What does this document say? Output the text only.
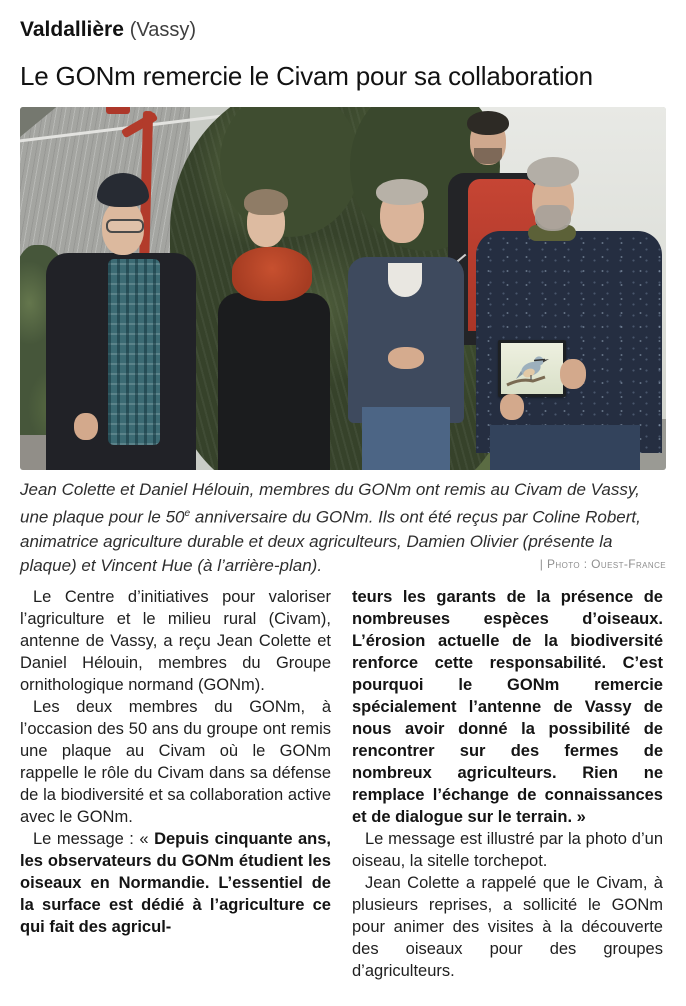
Valdallière (Vassy)
Le GONm remercie le Civam pour sa collaboration
Jean Colette et Daniel Hélouin, membres du GONm ont remis au Civam de Vassy, une plaque pour le 50e anniversaire du GONm. Ils ont été reçus par Coline Robert, animatrice agriculture durable et deux agriculteurs, Damien Olivier (présente la plaque) et Vincent Hue (à l’arrière-plan).	| Photo : Ouest-France

Le Centre d’initiatives pour valoriser l’agriculture et le milieu rural (Civam), antenne de Vassy, a reçu Jean Colette et Daniel Hélouin, membres du Groupe ornithologique normand (GONm).

Les deux membres du GONm, à l’occasion des 50 ans du groupe ont remis une plaque au Civam où le GONm rappelle le rôle du Civam dans sa défense de la biodiversité et sa collaboration active avec le GONm.

Le message : « Depuis cinquante ans, les observateurs du GONm étudient les oiseaux en Normandie. L’essentiel de la surface est dédié à l’agriculture ce qui fait des agricul-

teurs les garants de la présence de nombreuses espèces d’oiseaux. L’érosion actuelle de la biodiversité renforce cette responsabilité. C’est pourquoi le GONm remercie spécialement l’antenne de Vassy de nous avoir donné la possibilité de rencontrer sur des fermes de nombreux agriculteurs. Rien ne remplace l’échange de connaissances et de dialogue sur le terrain. »

Le message est illustré par la photo d’un oiseau, la sitelle torchepot.

Jean Colette a rappelé que le Civam, à plusieurs reprises, a sollicité le GONm pour animer des visites à la découverte des oiseaux pour des groupes d’agriculteurs.
